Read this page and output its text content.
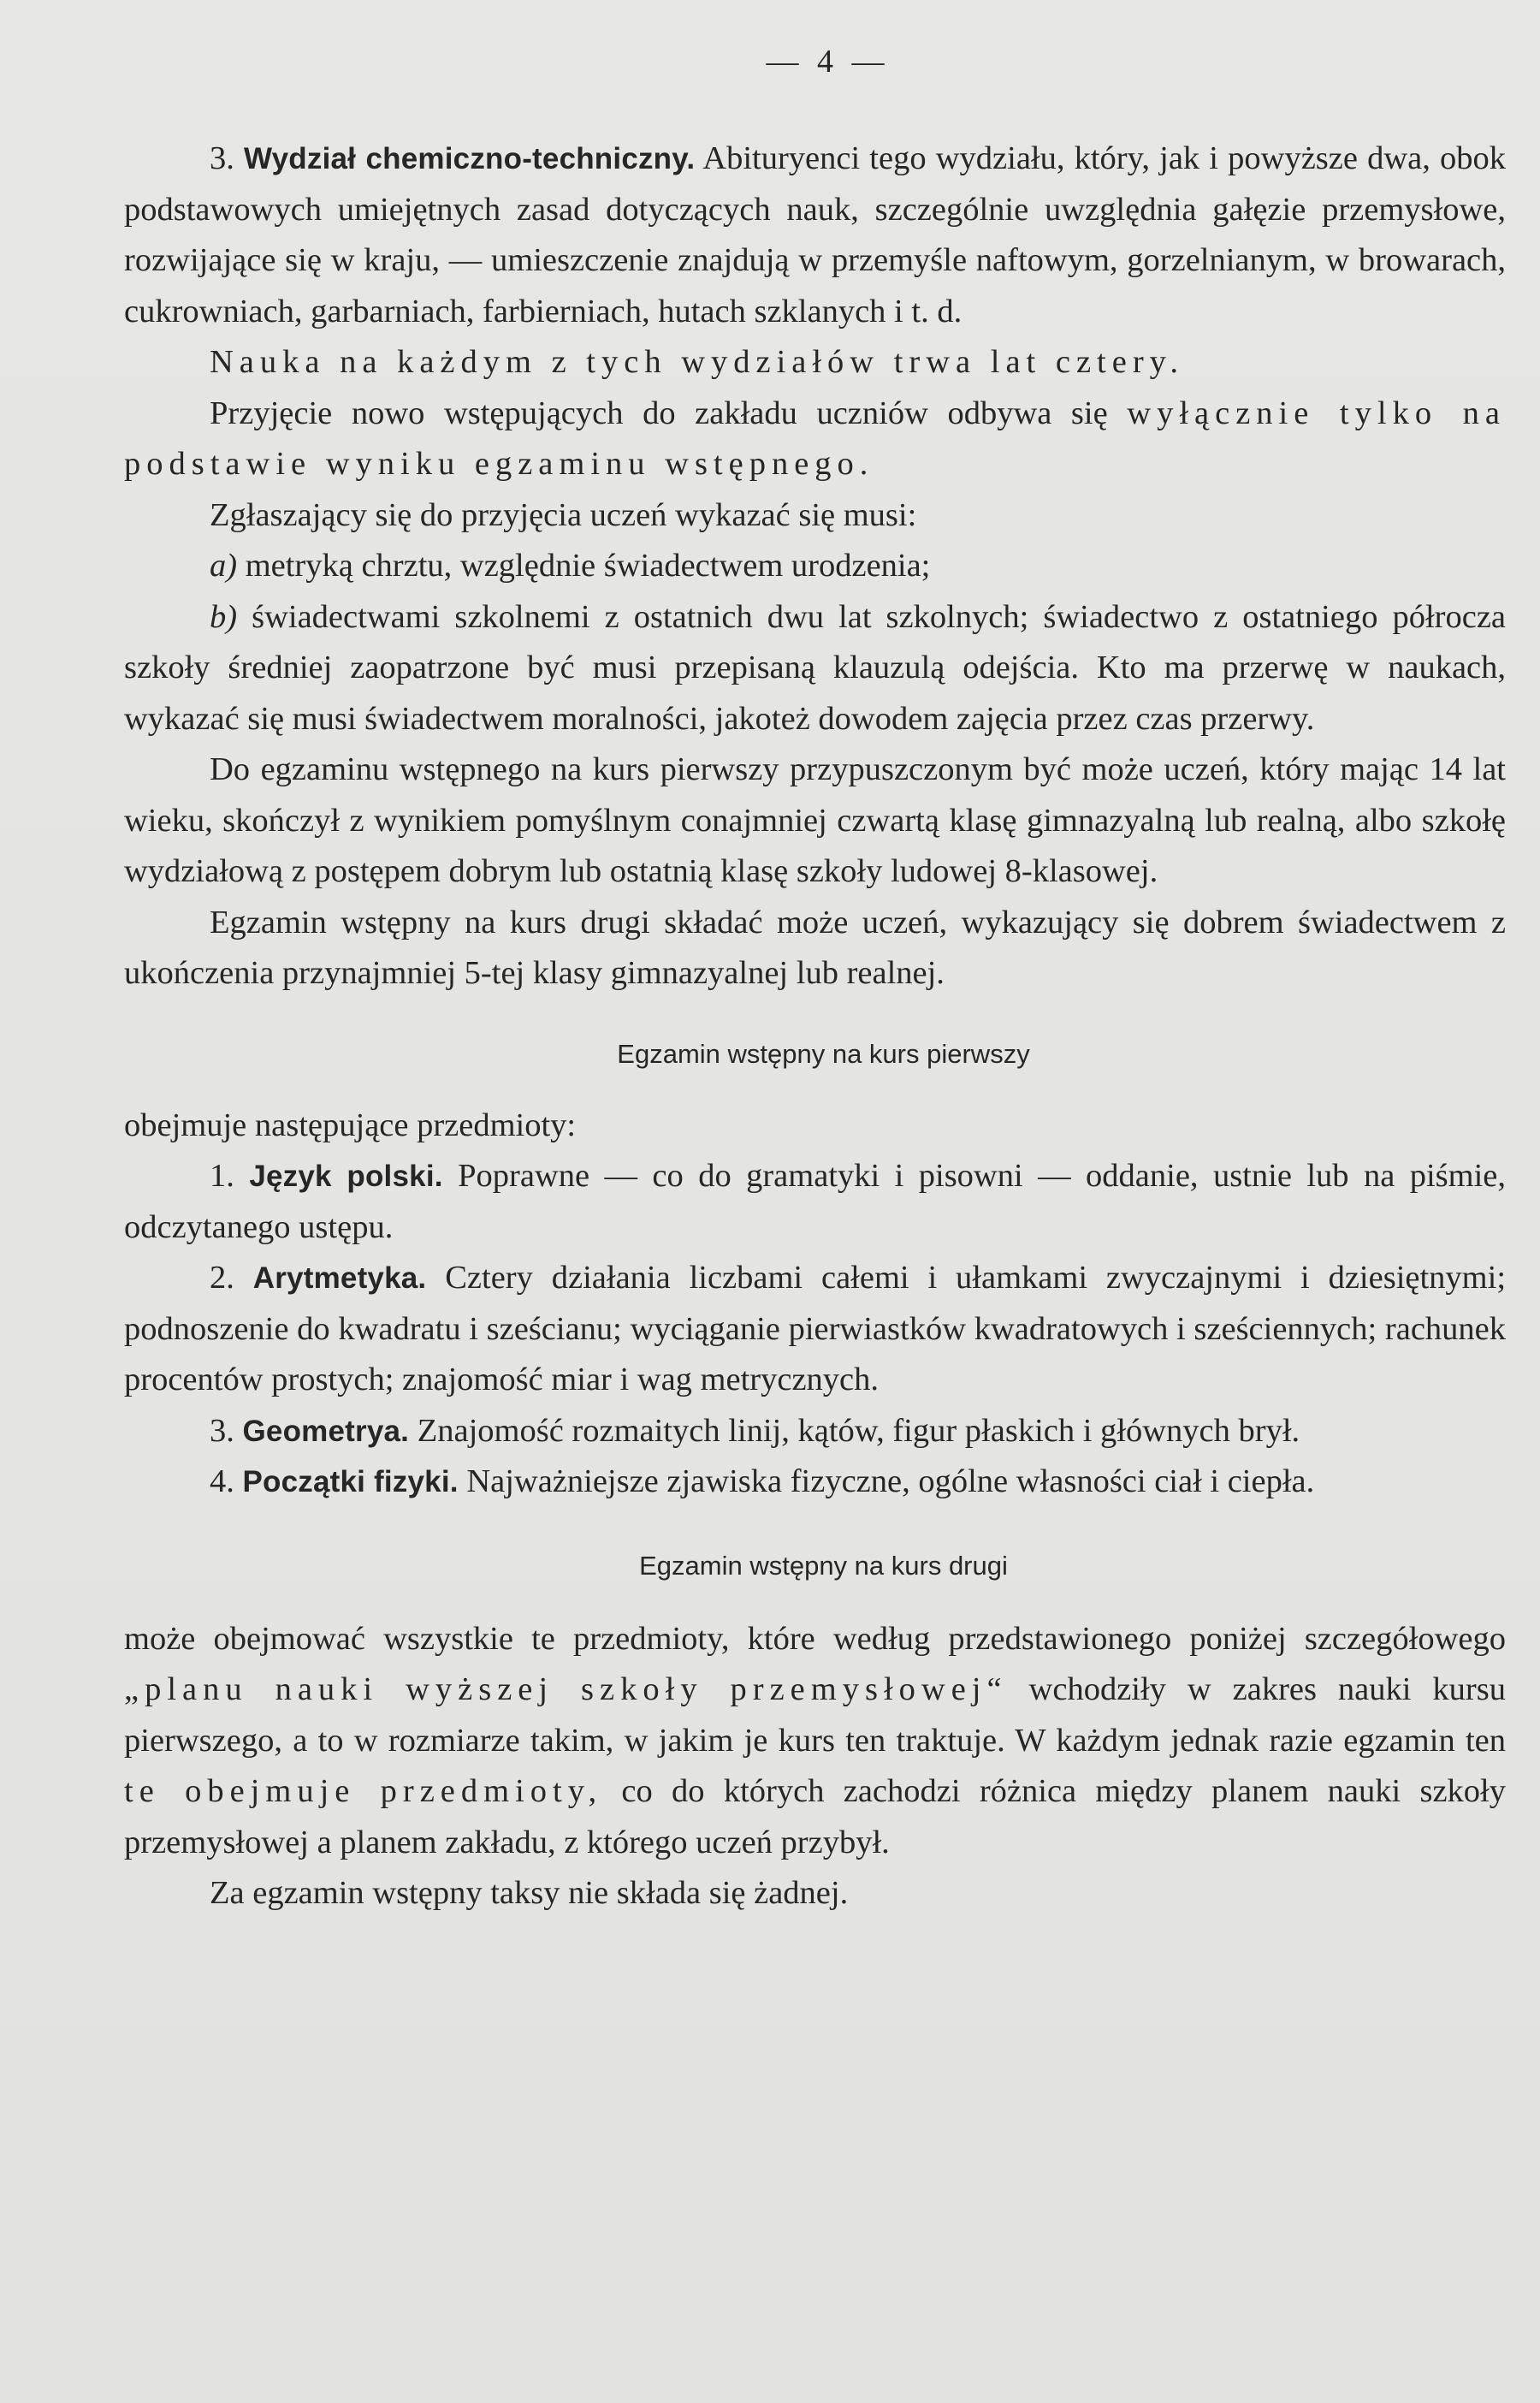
— 4 —

3. Wydział chemiczno-techniczny. Abituryenci tego wydziału, który, jak i powyższe dwa, obok podstawowych umiejętnych zasad dotyczących nauk, szczególnie uwzględnia gałęzie przemysłowe, rozwijające się w kraju, — umieszczenie znajdują w przemyśle naftowym, gorzelnianym, w browarach, cukrowniach, garbarniach, farbierniach, hutach szklanych i t. d.

Nauka na każdym z tych wydziałów trwa lat cztery.

Przyjęcie nowo wstępujących do zakładu uczniów odbywa się wyłącznie tylko na podstawie wyniku egzaminu wstępnego.

Zgłaszający się do przyjęcia uczeń wykazać się musi:

a) metryką chrztu, względnie świadectwem urodzenia;

b) świadectwami szkolnemi z ostatnich dwu lat szkolnych; świadectwo z ostatniego półrocza szkoły średniej zaopatrzone być musi przepisaną klauzulą odejścia. Kto ma przerwę w naukach, wykazać się musi świadectwem moralności, jakoteż dowodem zajęcia przez czas przerwy.

Do egzaminu wstępnego na kurs pierwszy przypuszczonym być może uczeń, który mając 14 lat wieku, skończył z wynikiem pomyślnym conajmniej czwartą klasę gimnazyalną lub realną, albo szkołę wydziałową z postępem dobrym lub ostatnią klasę szkoły ludowej 8-klasowej.

Egzamin wstępny na kurs drugi składać może uczeń, wykazujący się dobrem świadectwem z ukończenia przynajmniej 5-tej klasy gimnazyalnej lub realnej.

Egzamin wstępny na kurs pierwszy

obejmuje następujące przedmioty:

1. Język polski. Poprawne — co do gramatyki i pisowni — oddanie, ustnie lub na piśmie, odczytanego ustępu.

2. Arytmetyka. Cztery działania liczbami całemi i ułamkami zwyczajnymi i dziesiętnymi; podnoszenie do kwadratu i sześcianu; wyciąganie pierwiastków kwadratowych i sześciennych; rachunek procentów prostych; znajomość miar i wag metrycznych.

3. Geometrya. Znajomość rozmaitych linij, kątów, figur płaskich i głównych brył.

4. Początki fizyki. Najważniejsze zjawiska fizyczne, ogólne własności ciał i ciepła.

Egzamin wstępny na kurs drugi

może obejmować wszystkie te przedmioty, które według przedstawionego poniżej szczegółowego „planu nauki wyższej szkoły przemysłowej“ wchodziły w zakres nauki kursu pierwszego, a to w rozmiarze takim, w jakim je kurs ten traktuje. W każdym jednak razie egzamin ten te obejmuje przedmioty, co do których zachodzi różnica między planem nauki szkoły przemysłowej a planem zakładu, z którego uczeń przybył.

Za egzamin wstępny taksy nie składa się żadnej.
